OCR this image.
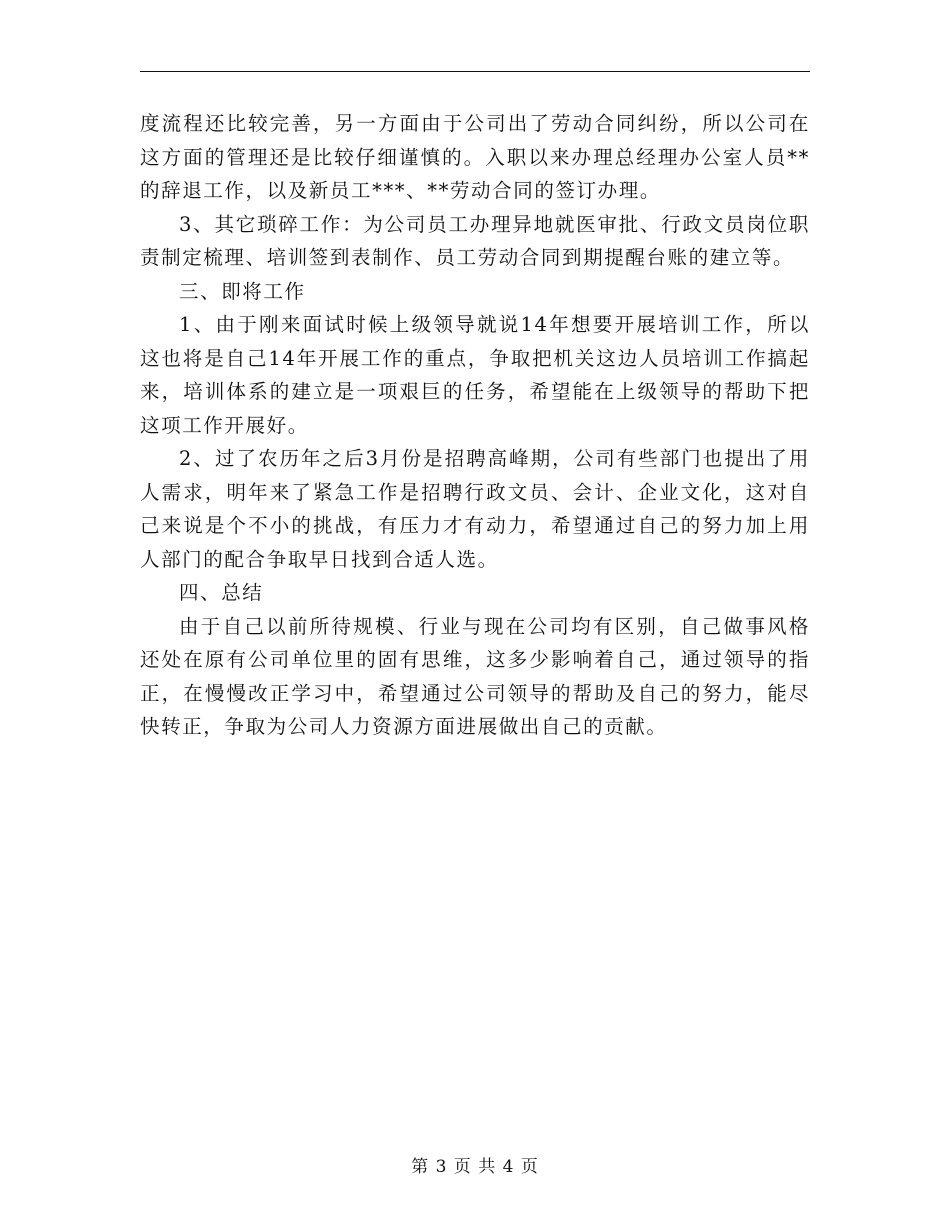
度流程还比较完善，另一方面由于公司出了劳动合同纠纷，所以公司在这方面的管理还是比较仔细谨慎的。入职以来办理总经理办公室人员**的辞退工作，以及新员工***、**劳动合同的签订办理。

3、其它琐碎工作：为公司员工办理异地就医审批、行政文员岗位职责制定梳理、培训签到表制作、员工劳动合同到期提醒台账的建立等。

三、即将工作

1、由于刚来面试时候上级领导就说14年想要开展培训工作，所以这也将是自己14年开展工作的重点，争取把机关这边人员培训工作搞起来，培训体系的建立是一项艰巨的任务，希望能在上级领导的帮助下把这项工作开展好。

2、过了农历年之后3月份是招聘高峰期，公司有些部门也提出了用人需求，明年来了紧急工作是招聘行政文员、会计、企业文化，这对自己来说是个不小的挑战，有压力才有动力，希望通过自己的努力加上用人部门的配合争取早日找到合适人选。

四、总结

由于自己以前所待规模、行业与现在公司均有区别，自己做事风格还处在原有公司单位里的固有思维，这多少影响着自己，通过领导的指正，在慢慢改正学习中，希望通过公司领导的帮助及自己的努力，能尽快转正，争取为公司人力资源方面进展做出自己的贡献。

第 3 页 共 4 页
